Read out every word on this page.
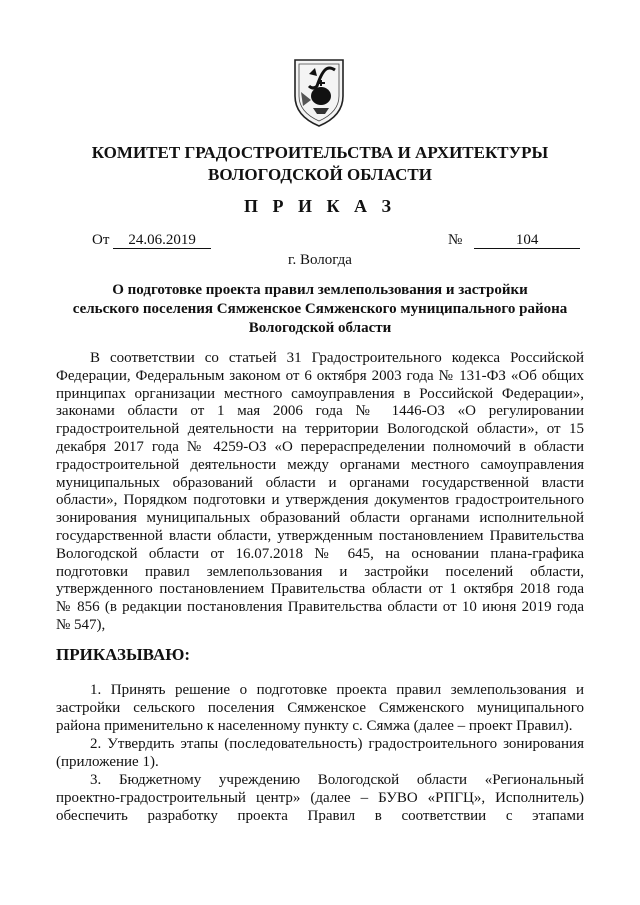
КОМИТЕТ ГРАДОСТРОИТЕЛЬСТВА И АРХИТЕКТУРЫ
ВОЛОГОДСКОЙ ОБЛАСТИ
П Р И К А З
От 24.06.2019	№	104
г. Вологда
О подготовке проекта правил землепользования и застройки
сельского поселения Сямженское Сямженского муниципального района
Вологодской области

В соответствии со статьей 31 Градостроительного кодекса Российской

Федерации, Федеральным законом от 6 октября 2003 года № 131-ФЗ «Об общих

принципах организации местного самоуправления в Российской Федерации»,

законами области от 1 мая 2006 года № 1446-ОЗ «О регулировании

градостроительной деятельности на территории Вологодской области», от 15

декабря 2017 года № 4259-ОЗ «О перераспределении полномочий в области

градостроительной деятельности между органами местного самоуправления

муниципальных образований области и органами государственной власти

области», Порядком подготовки и утверждения документов градостроительного

зонирования муниципальных образований области органами исполнительной

государственной власти области, утвержденным постановлением Правительства

Вологодской области от 16.07.2018 № 645, на основании плана-графика

подготовки правил землепользования и застройки поселений области,

утвержденного постановлением Правительства области от 1 октября 2018 года

№ 856 (в редакции постановления Правительства области от 10 июня 2019 года

№ 547),

ПРИКАЗЫВАЮ:

1. Принять решение о подготовке проекта правил землепользования и

застройки сельского поселения Сямженское Сямженского муниципального

района применительно к населенному пункту с. Сямжа (далее – проект Правил).

2. Утвердить этапы (последовательность) градостроительного зонирования

(приложение 1).

3. Бюджетному учреждению Вологодской области «Региональный

проектно-градостроительный центр» (далее – БУВО «РПГЦ», Исполнитель)

обеспечить разработку проекта Правил в соответствии с этапами
